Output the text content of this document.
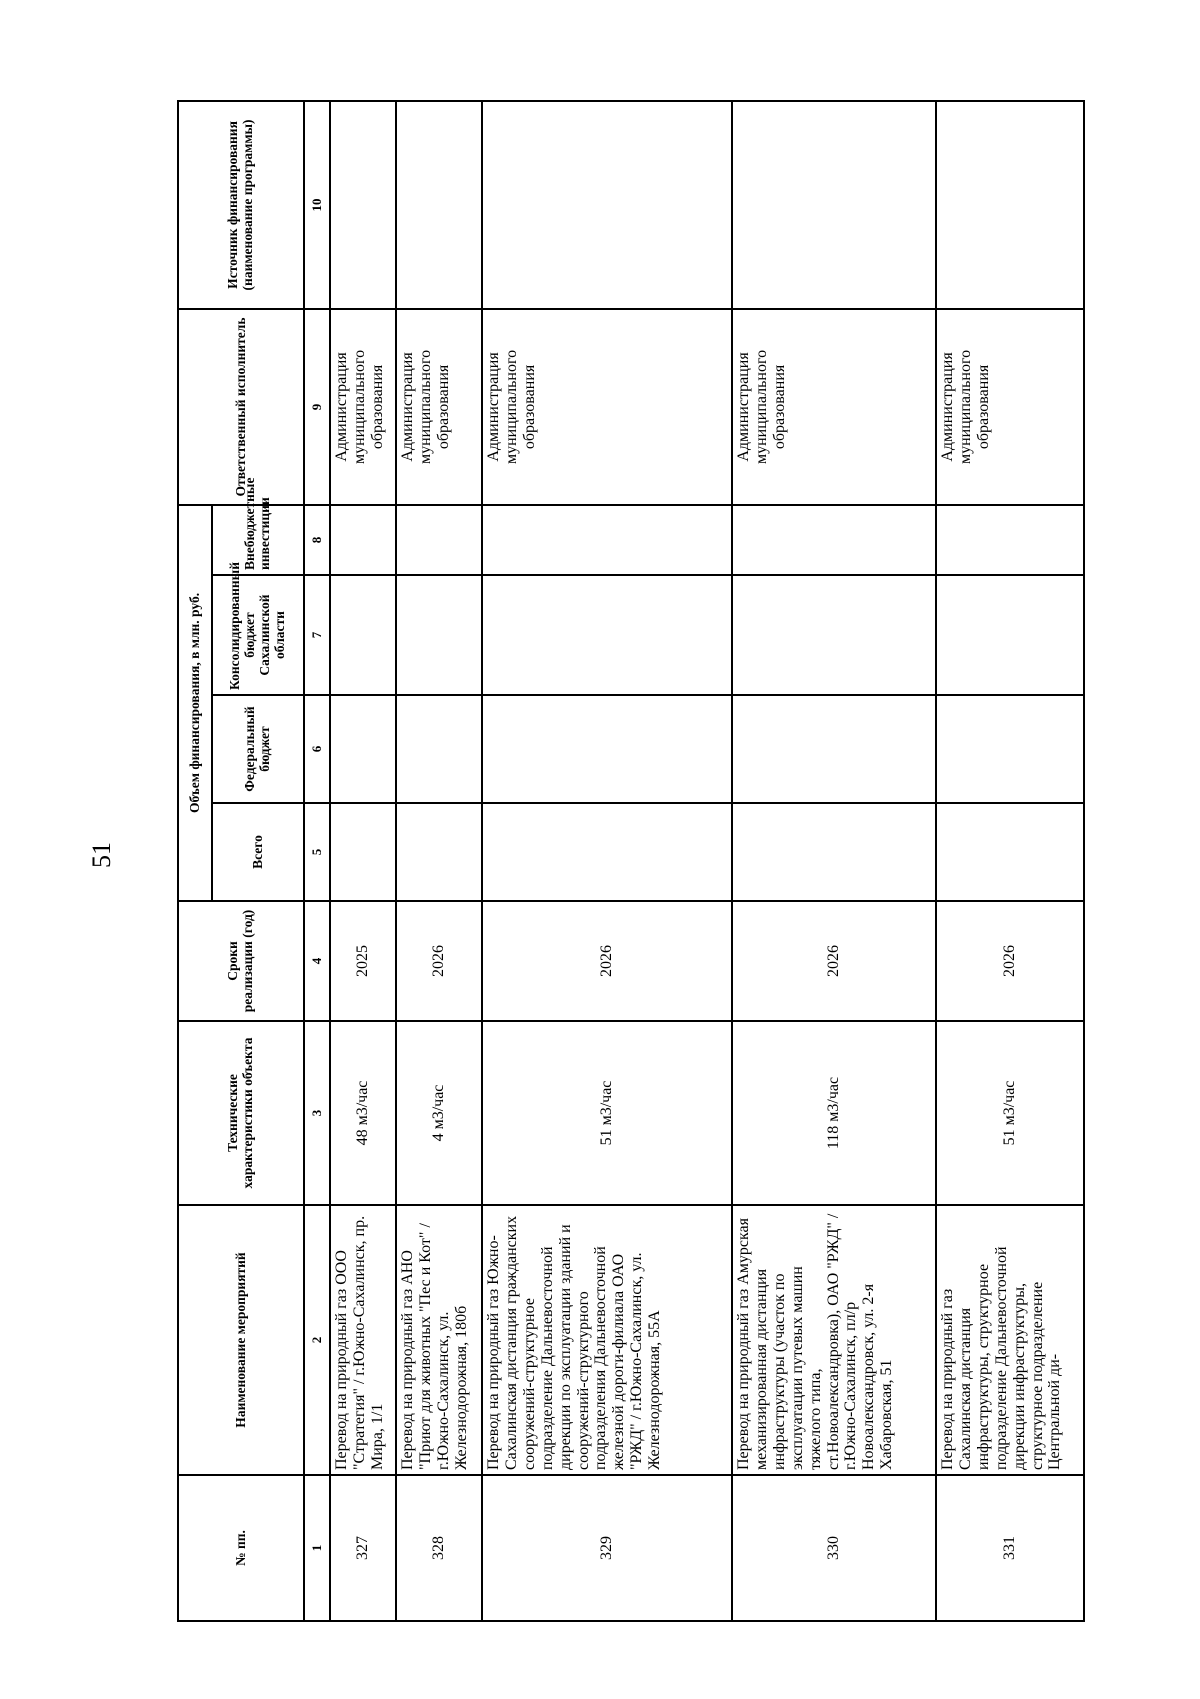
51
№ пп.	Наименование мероприятий	Технические характеристики объекта	Сроки реализации (год)	Объем финансирования, в млн. руб.				Ответственный исполнитель	Источник финансирования (наименование программы)
				Всего	Федеральный бюджет	Консолидированный бюджет Сахалинской области	Внебюджетные инвестиции		
1	2	3	4	5	6	7	8	9	10
327	Перевод на природный газ ООО "Стратегия" / г.Южно-Сахалинск, пр. Мира, 1/1	48 м3/час	2025					Администрация муниципального образования	
328	Перевод на природный газ АНО "Приют для животных "Пес и Кот" / г.Южно-Сахалинск, ул. Железнодорожная, 180б	4 м3/час	2026					Администрация муниципального образования	
329	Перевод на природный газ Южно-Сахалинская дистанция гражданских сооружений-структурное подразделение Дальневосточной дирекции по эксплуатации зданий и сооружений-структурного подразделения Дальневосточной железной дороги-филиала ОАО "РЖД" / г.Южно-Сахалинск, ул. Железнодорожная, 55А	51 м3/час	2026					Администрация муниципального образования	
330	Перевод на природный газ Амурская механизированная дистанция инфраструктуры (участок по эксплуатации путевых машин тяжелого типа, ст.Новоалександровка), ОАО "РЖД" / г.Южно-Сахалинск, пл/р Новоалександровск, ул. 2-я Хабаровская, 51	118 м3/час	2026					Администрация муниципального образования	
331	Перевод на природный газ Сахалинская дистанция инфраструктуры, структурное подразделение Дальневосточной дирекции инфраструктуры, структурное подразделение Центральной ди-	51 м3/час	2026					Администрация муниципального образования	
